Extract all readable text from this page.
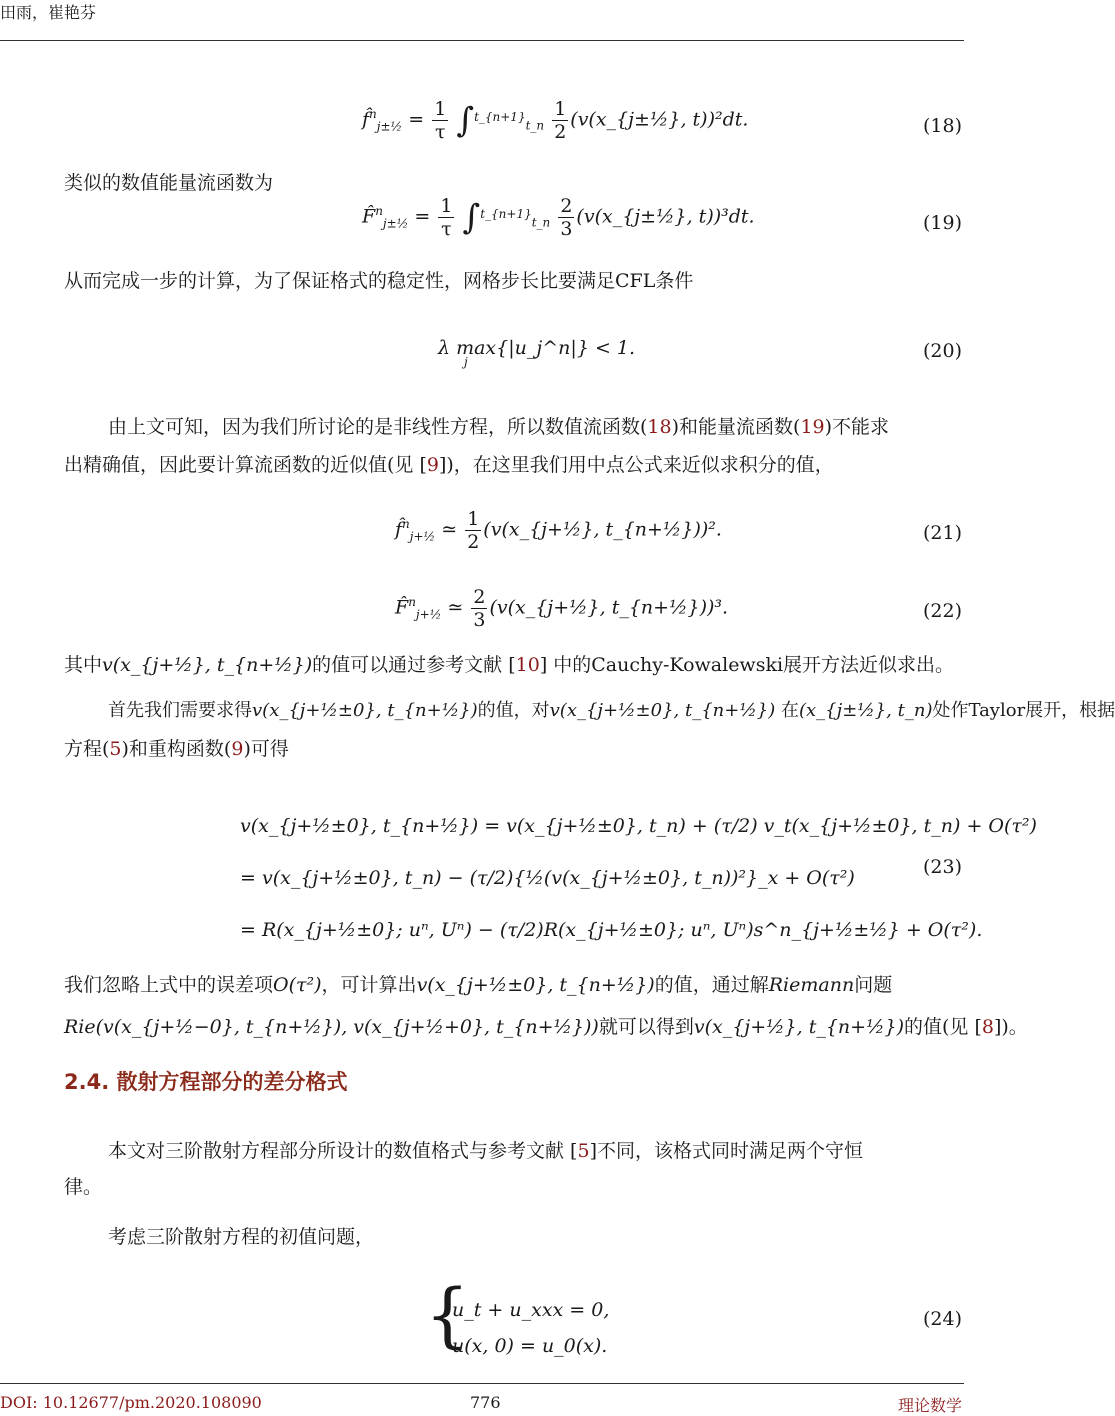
田雨，崔艳芬
f̂$^n_{j\pm\frac{1}{2}}$ = $\frac{1}{\tau} \int^{t\_\{n+1\}}_{t\_n} \frac{1}{2}$ (v(x_{j±½}, t))²dt.	(18)
类似的数值能量流函数为
F̂$^n_{j\pm\frac{1}{2}}$ = $\frac{1}{\tau} \int^{t\_\{n+1\}}_{t\_n} \frac{2}{3}$ (v(x_{j±½}, t))³dt.	(19)
从而完成一步的计算，为了保证格式的稳定性，网格步长比要满足CFL条件
λ max{|u_j^n|} < 1.
j	(20)
由上文可知，因为我们所讨论的是非线性方程，所以数值流函数(18)和能量流函数(19)不能求
出精确值，因此要计算流函数的近似值(见 [9])，在这里我们用中点公式来近似求积分的值，
f̂$^n_{j+\frac{1}{2}}$ ≃ $\frac{1}{2}$ (v(x_{j+½}, t_{n+½}))².	(21)
F̂$^n_{j+\frac{1}{2}}$ ≃ $\frac{2}{3}$ (v(x_{j+½}, t_{n+½}))³.	(22)
其中v(x_{j+½}, t_{n+½})的值可以通过参考文献 [10] 中的Cauchy-Kowalewski展开方法近似求出。
首先我们需要求得v(x_{j+½±0}, t_{n+½})的值，对v(x_{j+½±0}, t_{n+½}) 在(x_{j±½}, t_n)处作Taylor展开，根据
方程(5)和重构函数(9)可得
v(x_{j+½±0}, t_{n+½}) = v(x_{j+½±0}, t_n) + (τ/2) v_t(x_{j+½±0}, t_n) + O(τ²)
= v(x_{j+½±0}, t_n) − (τ/2){½(v(x_{j+½±0}, t_n))²}_x + O(τ²)
= R(x_{j+½±0}; uⁿ, Uⁿ) − (τ/2)R(x_{j+½±0}; uⁿ, Uⁿ)s^n_{j+½±½} + O(τ²).
(23)
我们忽略上式中的误差项O(τ²)，可计算出v(x_{j+½±0}, t_{n+½})的值，通过解Riemann问题
Rie(v(x_{j+½−0}, t_{n+½}), v(x_{j+½+0}, t_{n+½}))就可以得到v(x_{j+½}, t_{n+½})的值(见 [8])。
2.4. 散射方程部分的差分格式
本文对三阶散射方程部分所设计的数值格式与参考文献 [5]不同，该格式同时满足两个守恒
律。
考虑三阶散射方程的初值问题，
{
u_t + u_xxx = 0,
u(x, 0) = u_0(x).
(24)
DOI: 10.12677/pm.2020.108090	776	理论数学
